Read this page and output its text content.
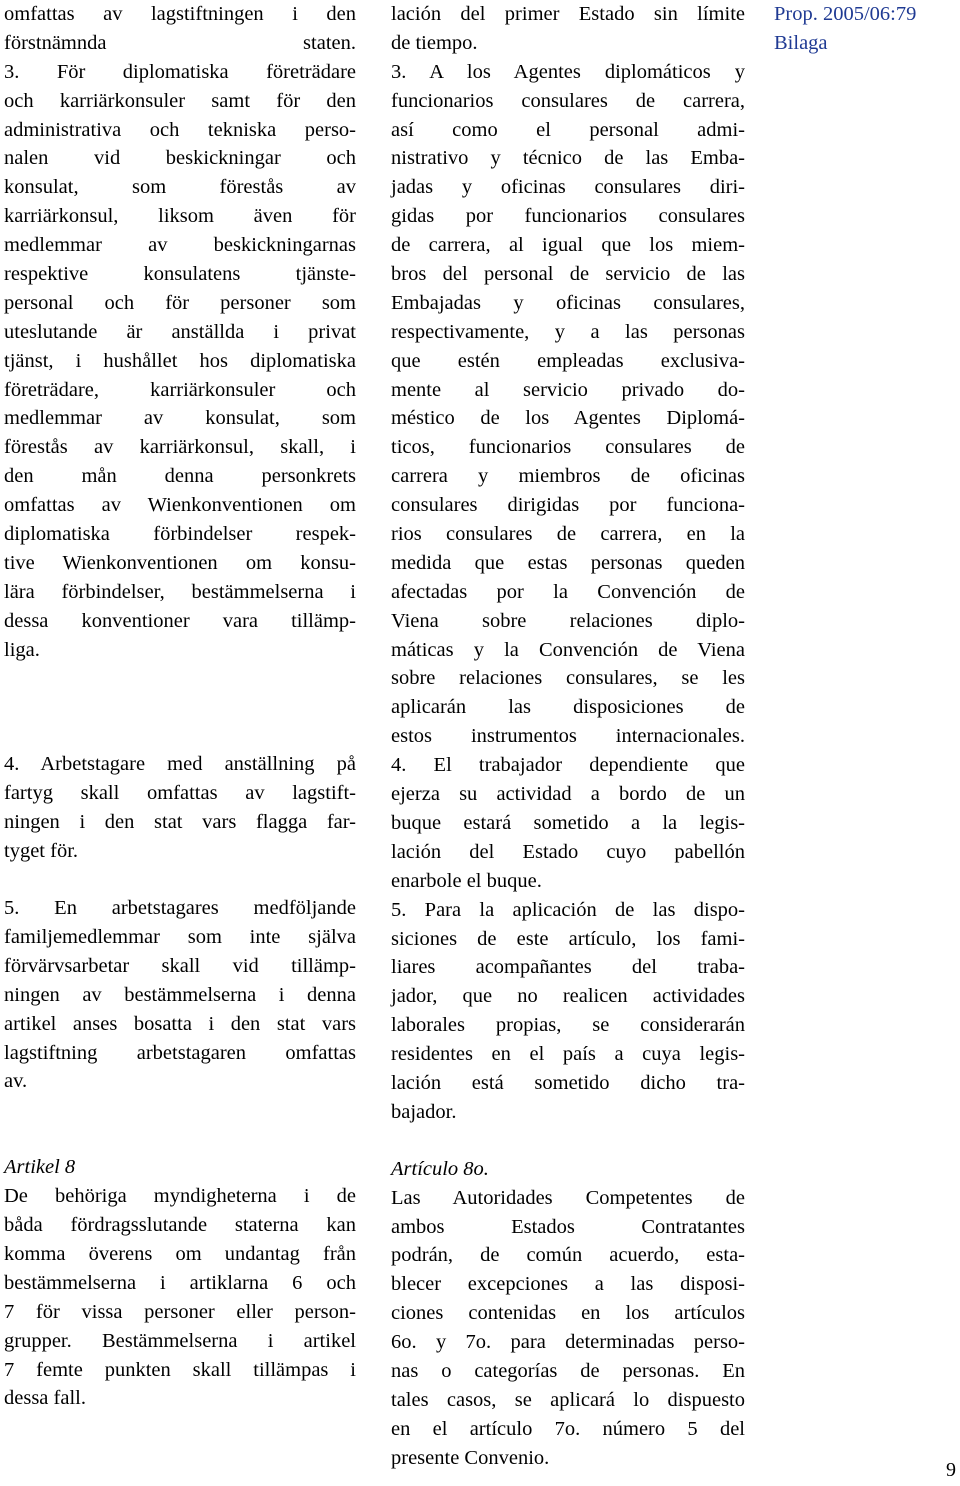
omfattas av lagstiftningen i den
förstnämnda staten.
3. För diplomatiska företrädare
och karriärkonsuler samt för den
administrativa och tekniska perso-
nalen vid beskickningar och
konsulat, som förestås av
karriärkonsul, liksom även för
medlemmar av beskickningarnas
respektive konsulatens tjänste-
personal och för personer som
uteslutande är anställda i privat
tjänst, i hushållet hos diplomatiska
företrädare, karriärkonsuler och
medlemmar av konsulat, som
förestås av karriärkonsul, skall, i
den mån denna personkrets
omfattas av Wienkonventionen om
diplomatiska förbindelser respek-
tive Wienkonventionen om konsu-
lära förbindelser, bestämmelserna i
dessa konventioner vara tillämp-
liga.
4. Arbetstagare med anställning på
fartyg skall omfattas av lagstift-
ningen i den stat vars flagga far-
tyget för.
5. En arbetstagares medföljande
familjemedlemmar som inte själva
förvärvsarbetar skall vid tillämp-
ningen av bestämmelserna i denna
artikel anses bosatta i den stat vars
lagstiftning arbetstagaren omfattas
av.
Artikel 8
De behöriga myndigheterna i de
båda fördragsslutande staterna kan
komma överens om undantag från
bestämmelserna i artiklarna 6 och
7 för vissa personer eller person-
grupper. Bestämmelserna i artikel
7 femte punkten skall tillämpas i
dessa fall.
lación del primer Estado sin límite
de tiempo.
3. A los Agentes diplomáticos y
funcionarios consulares de carrera,
así como el personal admi-
nistrativo y técnico de las Emba-
jadas y oficinas consulares diri-
gidas por funcionarios consulares
de carrera, al igual que los miem-
bros del personal de servicio de las
Embajadas y oficinas consulares,
respectivamente, y a las personas
que estén empleadas exclusiva-
mente al servicio privado do-
méstico de los Agentes Diplomá-
ticos, funcionarios consulares de
carrera y miembros de oficinas
consulares dirigidas por funciona-
rios consulares de carrera, en la
medida que estas personas queden
afectadas por la Convención de
Viena sobre relaciones diplo-
máticas y la Convención de Viena
sobre relaciones consulares, se les
aplicarán las disposiciones de
estos instrumentos internacionales.
4. El trabajador dependiente que
ejerza su actividad a bordo de un
buque estará sometido a la legis-
lación del Estado cuyo pabellón
enarbole el buque.
5. Para la aplicación de las dispo-
siciones de este artículo, los fami-
liares acompañantes del traba-
jador, que no realicen actividades
laborales propias, se considerarán
residentes en el país a cuya legis-
lación está sometido dicho tra-
bajador.
Artículo 8o.
Las Autoridades Competentes de
ambos Estados Contratantes
podrán, de común acuerdo, esta-
blecer excepciones a las disposi-
ciones contenidas en los artículos
6o. y 7o. para determinadas perso-
nas o categorías de personas. En
tales casos, se aplicará lo dispuesto
en el artículo 7o. número 5 del
presente Convenio.
Prop. 2005/06:79
Bilaga
9
